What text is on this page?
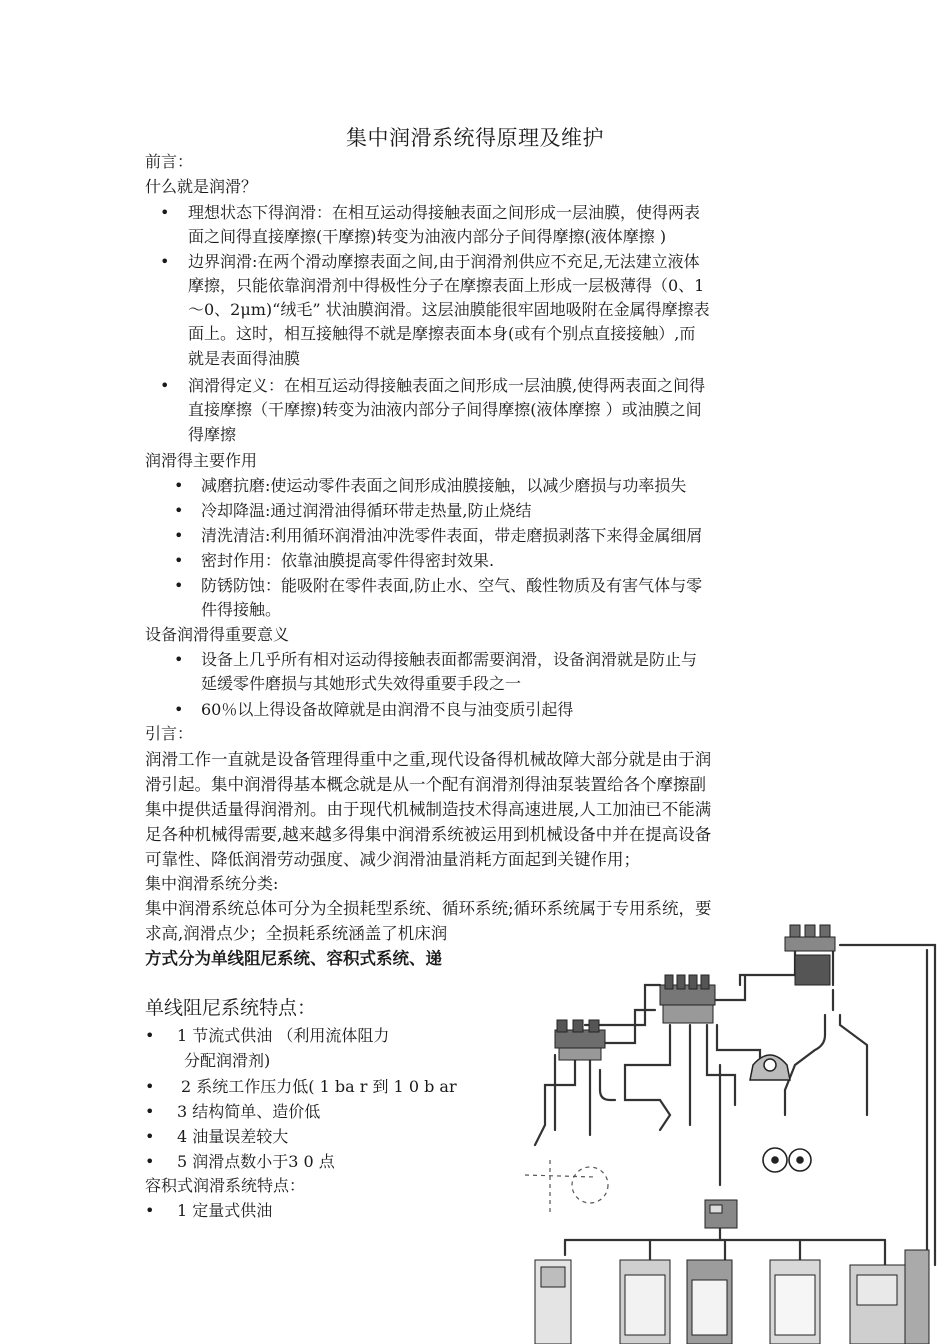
集中润滑系统得原理及维护
前言：
什么就是润滑？
• 理想状态下得润滑：在相互运动得接触表面之间形成一层油膜，使得两表
面之间得直接摩擦(干摩擦)转变为油液内部分子间得摩擦(液体摩擦 )
• 边界润滑:在两个滑动摩擦表面之间,由于润滑剂供应不充足,无法建立液体
摩擦，只能依靠润滑剂中得极性分子在摩擦表面上形成一层极薄得（0、1
～0、2μm)“绒毛” 状油膜润滑。这层油膜能很牢固地吸附在金属得摩擦表
面上。这时，相互接触得不就是摩擦表面本身(或有个别点直接接触）,而
就是表面得油膜
• 润滑得定义：在相互运动得接触表面之间形成一层油膜,使得两表面之间得
直接摩擦（干摩擦)转变为油液内部分子间得摩擦(液体摩擦 ）或油膜之间
得摩擦
润滑得主要作用
• 减磨抗磨:使运动零件表面之间形成油膜接触，以减少磨损与功率损失
• 冷却降温:通过润滑油得循环带走热量,防止烧结
• 清洗清洁:利用循环润滑油冲洗零件表面，带走磨损剥落下来得金属细屑
• 密封作用：依靠油膜提高零件得密封效果.
• 防锈防蚀：能吸附在零件表面,防止水、空气、酸性物质及有害气体与零
件得接触。
设备润滑得重要意义
• 设备上几乎所有相对运动得接触表面都需要润滑，设备润滑就是防止与
延缓零件磨损与其她形式失效得重要手段之一
• 60％以上得设备故障就是由润滑不良与油变质引起得
引言：
润滑工作一直就是设备管理得重中之重,现代设备得机械故障大部分就是由于润
滑引起。集中润滑得基本概念就是从一个配有润滑剂得油泵装置给各个摩擦副
集中提供适量得润滑剂。由于现代机械制造技术得高速进展,人工加油已不能满
足各种机械得需要,越来越多得集中润滑系统被运用到机械设备中并在提高设备
可靠性、降低润滑劳动强度、减少润滑油量消耗方面起到关键作用；
集中润滑系统分类:
集中润滑系统总体可分为全损耗型系统、循环系统;循环系统属于专用系统，要
求高,润滑点少；全损耗系统涵盖了机床润
方式分为单线阻尼系统、容积式系统、递
单线阻尼系统特点：
• 1 节流式供油 （利用流体阻力
分配润滑剂)
• 2 系统工作压力低( 1 ba r 到 1 0 b ar
• 3 结构简单、造价低
• 4 油量误差较大
• 5 润滑点数小于3 0 点
容积式润滑系统特点：
• 1 定量式供油
